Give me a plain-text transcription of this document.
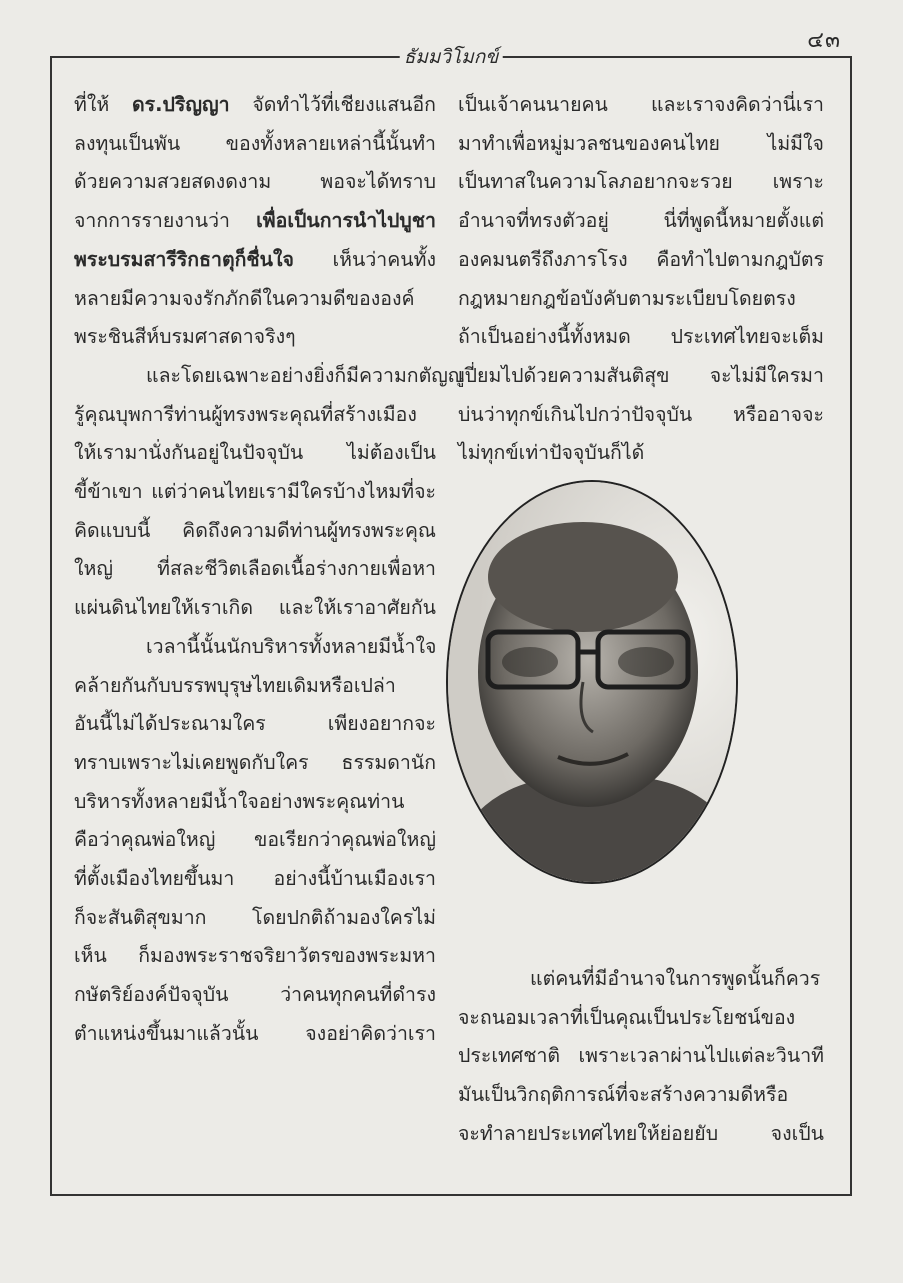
๔๓
ธัมมวิโมกข์
ที่ให้ ดร.ปริญญา จัดทำไว้ที่เชียงแสนอีก
ลงทุนเป็นพัน ของทั้งหลายเหล่านี้นั้นทำ
ด้วยความสวยสดงดงาม พอจะได้ทราบ
จากการรายงานว่า เพื่อเป็นการนำไปบูชา
พระบรมสารีริกธาตุก็ชื่นใจ เห็นว่าคนทั้ง
หลายมีความจงรักภักดีในความดีขององค์
พระชินสีห์บรมศาสดาจริงๆ
และโดยเฉพาะอย่างยิ่งก็มีความกตัญญู
รู้คุณบุพการีท่านผู้ทรงพระคุณที่สร้างเมือง
ให้เรามานั่งกันอยู่ในปัจจุบัน ไม่ต้องเป็น
ขี้ข้าเขา แต่ว่าคนไทยเรามีใครบ้างไหมที่จะ
คิดแบบนี้ คิดถึงความดีท่านผู้ทรงพระคุณ
ใหญ่ ที่สละชีวิตเลือดเนื้อร่างกายเพื่อหา
แผ่นดินไทยให้เราเกิด และให้เราอาศัยกัน
เวลานี้นั้นนักบริหารทั้งหลายมีน้ำใจ
คล้ายกันกับบรรพบุรุษไทยเดิมหรือเปล่า
อันนี้ไม่ได้ประณามใคร เพียงอยากจะ
ทราบเพราะไม่เคยพูดกับใคร ธรรมดานัก
บริหารทั้งหลายมีน้ำใจอย่างพระคุณท่าน
คือว่าคุณพ่อใหญ่ ขอเรียกว่าคุณพ่อใหญ่
ที่ตั้งเมืองไทยขึ้นมา อย่างนี้บ้านเมืองเรา
ก็จะสันติสุขมาก โดยปกติถ้ามองใครไม่
เห็น ก็มองพระราชจริยาวัตรของพระมหา
กษัตริย์องค์ปัจจุบัน ว่าคนทุกคนที่ดำรง
ตำแหน่งขึ้นมาแล้วนั้น จงอย่าคิดว่าเรา
เป็นเจ้าคนนายคน และเราจงคิดว่านี่เรา
มาทำเพื่อหมู่มวลชนของคนไทย ไม่มีใจ
เป็นทาสในความโลภอยากจะรวย เพราะ
อำนาจที่ทรงตัวอยู่ นี่ที่พูดนี้หมายตั้งแต่
องคมนตรีถึงภารโรง คือทำไปตามกฎบัตร
กฎหมายกฎข้อบังคับตามระเบียบโดยตรง
ถ้าเป็นอย่างนี้ทั้งหมด ประเทศไทยจะเต็ม
เปี่ยมไปด้วยความสันติสุข จะไม่มีใครมา
บ่นว่าทุกข์เกินไปกว่าปัจจุบัน หรืออาจจะ
ไม่ทุกข์เท่าปัจจุบันก็ได้
แต่คนที่มีอำนาจในการพูดนั้นก็ควร
จะถนอมเวลาที่เป็นคุณเป็นประโยชน์ของ
ประเทศชาติ เพราะเวลาผ่านไปแต่ละวินาที
มันเป็นวิกฤติการณ์ที่จะสร้างความดีหรือ
จะทำลายประเทศไทยให้ย่อยยับ จงเป็น
